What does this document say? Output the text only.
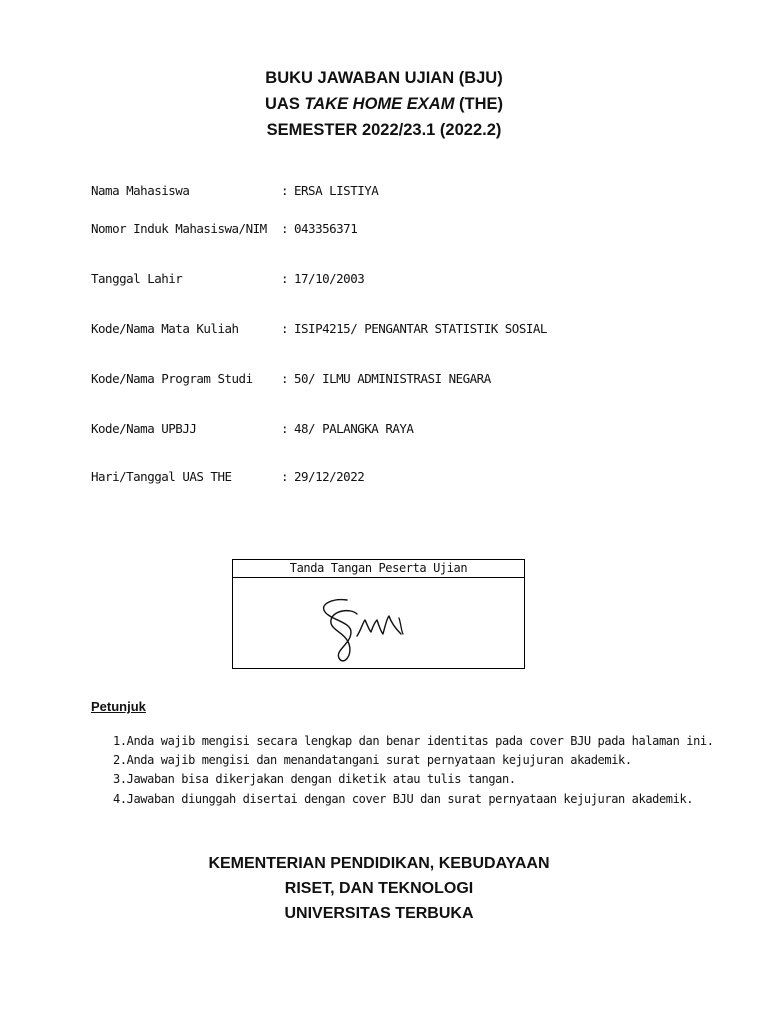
BUKU JAWABAN UJIAN (BJU)
UAS TAKE HOME EXAM (THE)
SEMESTER 2022/23.1 (2022.2)
Nama Mahasiswa	: ERSA LISTIYA
Nomor Induk Mahasiswa/NIM : 043356371
Tanggal Lahir	: 17/10/2003
Kode/Nama Mata Kuliah	: ISIP4215/ PENGANTAR STATISTIK SOSIAL
Kode/Nama Program Studi : 50/ ILMU ADMINISTRASI NEGARA
Kode/Nama UPBJJ	: 48/ PALANGKA RAYA
Hari/Tanggal UAS THE	: 29/12/2022
Tanda Tangan Peserta Ujian
Petunjuk
1.Anda wajib mengisi secara lengkap dan benar identitas pada cover BJU pada halaman ini.
2.Anda wajib mengisi dan menandatangani surat pernyataan kejujuran akademik.
3.Jawaban bisa dikerjakan dengan diketik atau tulis tangan.
4.Jawaban diunggah disertai dengan cover BJU dan surat pernyataan kejujuran akademik.
KEMENTERIAN PENDIDIKAN, KEBUDAYAAN
RISET, DAN TEKNOLOGI
UNIVERSITAS TERBUKA
